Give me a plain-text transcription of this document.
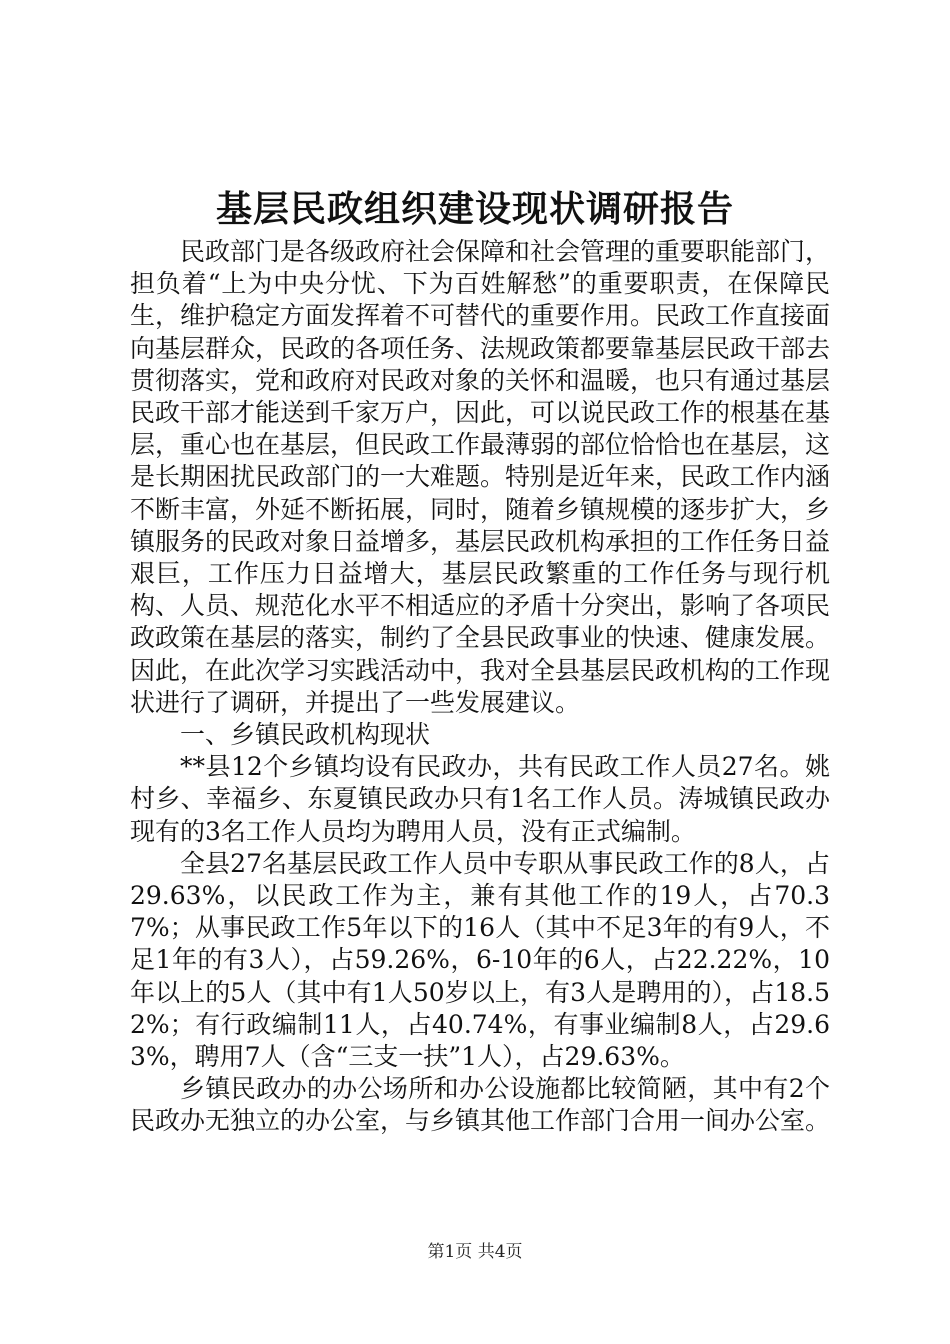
基层民政组织建设现状调研报告

民政部门是各级政府社会保障和社会管理的重要职能部门，担负着“上为中央分忧、下为百姓解愁”的重要职责，在保障民生，维护稳定方面发挥着不可替代的重要作用。民政工作直接面向基层群众，民政的各项任务、法规政策都要靠基层民政干部去贯彻落实，党和政府对民政对象的关怀和温暖，也只有通过基层民政干部才能送到千家万户，因此，可以说民政工作的根基在基层，重心也在基层，但民政工作最薄弱的部位恰恰也在基层，这是长期困扰民政部门的一大难题。特别是近年来，民政工作内涵不断丰富，外延不断拓展，同时，随着乡镇规模的逐步扩大，乡镇服务的民政对象日益增多，基层民政机构承担的工作任务日益艰巨，工作压力日益增大，基层民政繁重的工作任务与现行机构、人员、规范化水平不相适应的矛盾十分突出，影响了各项民政政策在基层的落实，制约了全县民政事业的快速、健康发展。因此，在此次学习实践活动中，我对全县基层民政机构的工作现状进行了调研，并提出了一些发展建议。

一、乡镇民政机构现状

**县12个乡镇均设有民政办，共有民政工作人员27名。姚村乡、幸福乡、东夏镇民政办只有1名工作人员。涛城镇民政办现有的3名工作人员均为聘用人员，没有正式编制。

全县27名基层民政工作人员中专职从事民政工作的8人，占29.63%，以民政工作为主，兼有其他工作的19人，占70.37%；从事民政工作5年以下的16人（其中不足3年的有9人，不足1年的有3人），占59.26%，6-10年的6人，占22.22%，10年以上的5人（其中有1人50岁以上，有3人是聘用的），占18.52%；有行政编制11人，占40.74%，有事业编制8人，占29.63%，聘用7人（含“三支一扶”1人），占29.63%。

乡镇民政办的办公场所和办公设施都比较简陋，其中有2个民政办无独立的办公室，与乡镇其他工作部门合用一间办公室。

第1页 共4页
